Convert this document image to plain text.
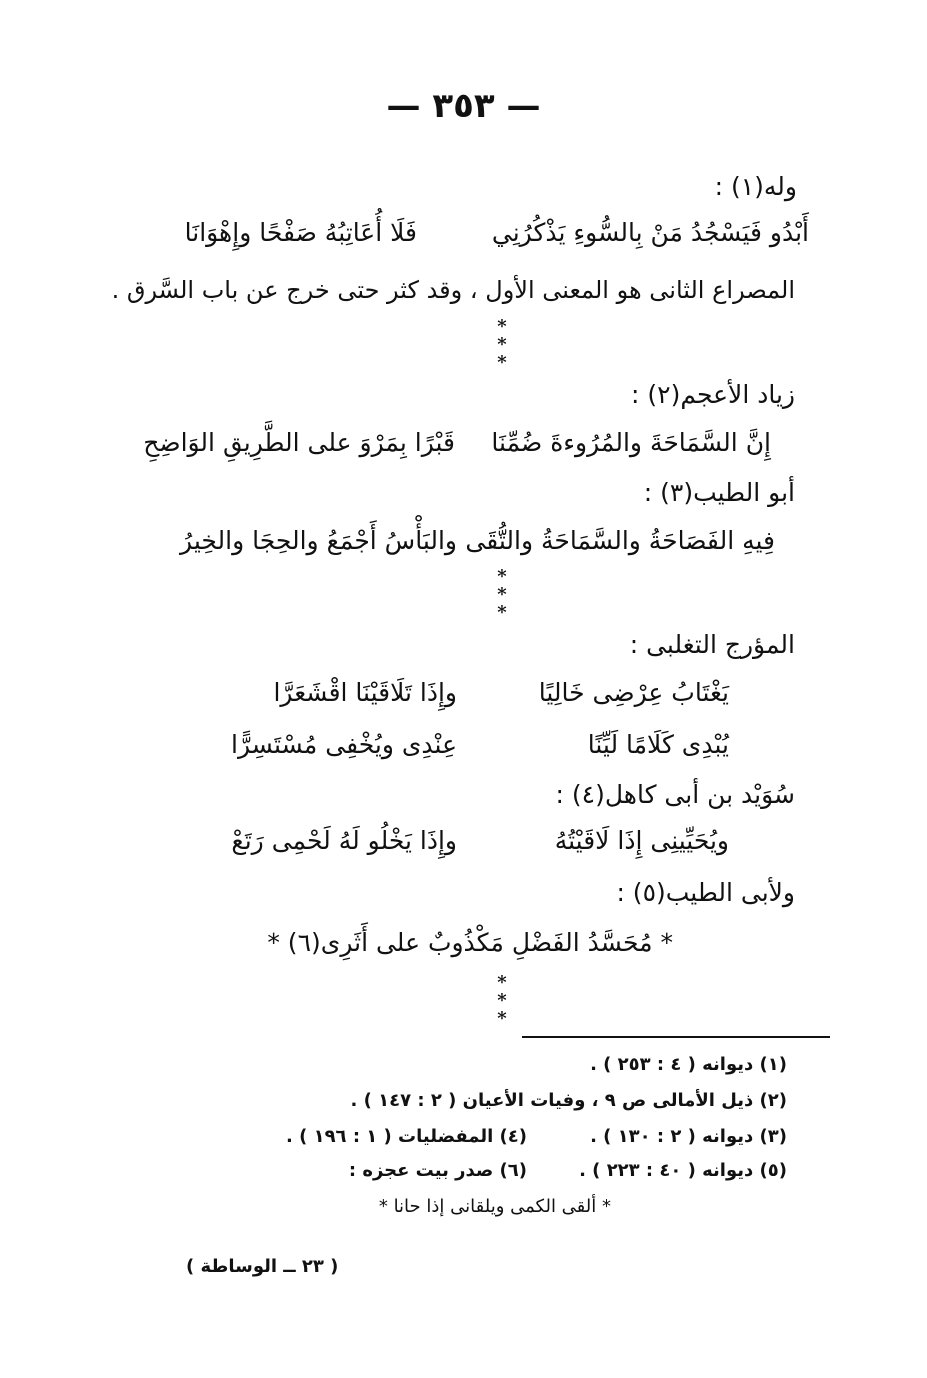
— ٣٥٣ —
وله(١) :
أَبْدُو فَيَسْجُدُ مَنْ بِالسُّوءِ يَذْكُرُنِي
فَلَا أُعَاتِبُهُ صَفْحًا وإِهْوَانَا
المصراع الثانى هو المعنى الأول ، وقد كثر حتى خرج عن باب السَّرق .
*
* *
زياد الأعجم(٢) :
إِنَّ السَّمَاحَةَ والمُرُوءةَ ضُمِّنَا
قَبْرًا بِمَرْوَ على الطَّرِيقِ الوَاضِحِ
أبو الطيب(٣) :
فِيهِ الفَصَاحَةُ والسَّمَاحَةُ والتُّقَى
والبَأْسُ أَجْمَعُ والحِجَا والخِيرُ
*
* *
المؤرج التغلبى :
يَغْتَابُ عِرْضِى خَالِيًا
وإِذَا تَلَاقَيْنَا اقْشَعَرَّا
يُبْدِى كَلَامًا لَيِّنًا
عِنْدِى ويُخْفِى مُسْتَسِرًّا
سُوَيْد بن أبى كاهل(٤) :
ويُحَيِّينِى إِذَا لَاقَيْتُهُ
وإِذَا يَخْلُو لَهُ لَحْمِى رَتَعْ
ولأبى الطيب(٥) :
* مُحَسَّدُ الفَضْلِ مَكْذُوبٌ على أَثَرِى(٦) *
*
* *
(١) ديوانه ( ٤ : ٢٥٣ ) .
(٢) ذيل الأمالى ص ٩ ، وفيات الأعيان ( ٢ : ١٤٧ ) .
(٣) ديوانه ( ٢ : ١٣٠ ) .
(٤) المفضليات ( ١ : ١٩٦ ) .
(٥) ديوانه ( ٤٠ : ٢٢٣ ) .
(٦) صدر بيت عجزه :
* ألقى الكمى ويلقانى إذا حانا *
( ٢٣ ــ الوساطة )
